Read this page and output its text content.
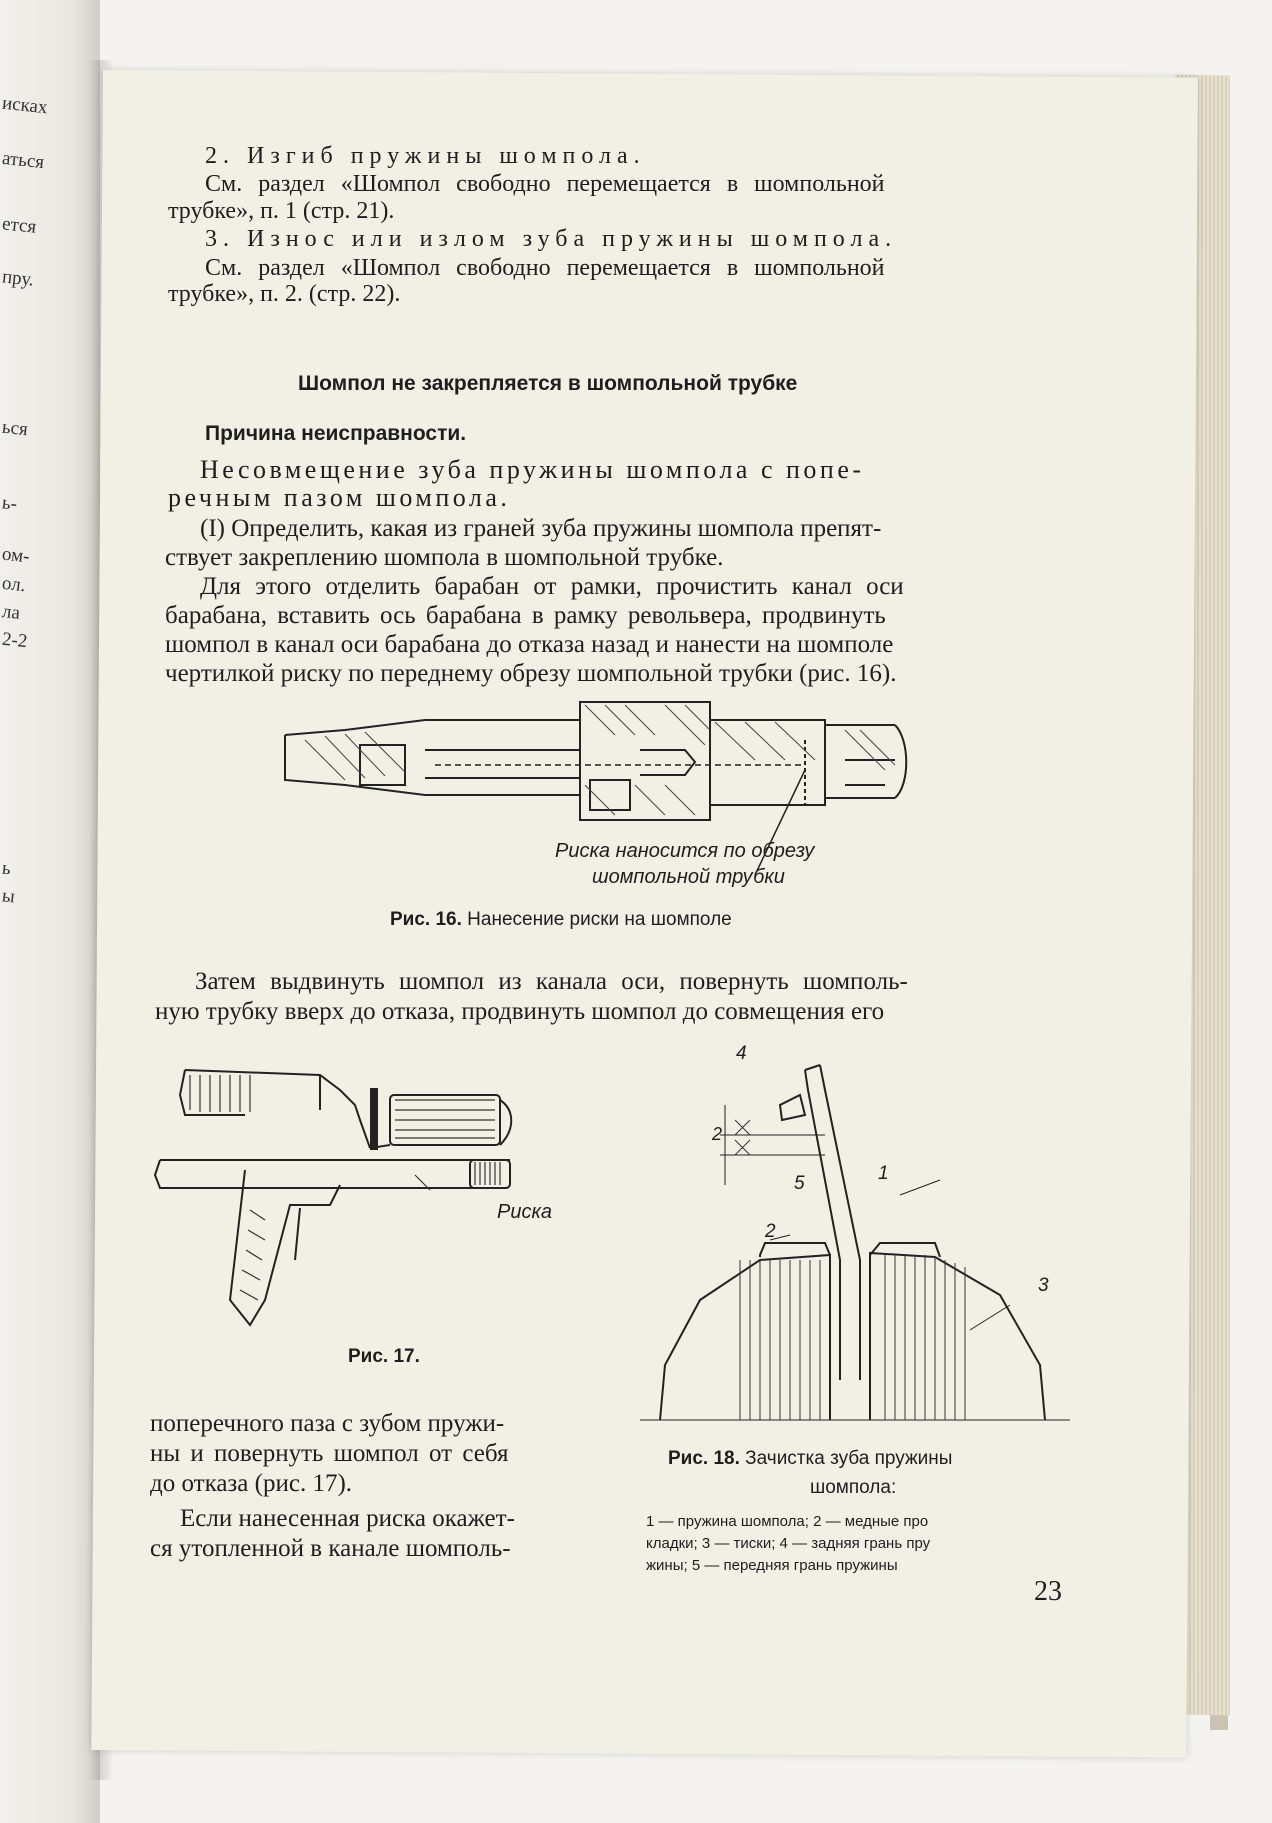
исках
аться
ется
пру.
ься
ь-
ом-
ол.
ла
2-2
ь
ы
2. Изгиб пружины шомпола.
См. раздел «Шомпол свободно перемещается в шомпольной
трубке», п. 1 (стр. 21).
3. Износ или излом зуба пружины шомпола.
См. раздел «Шомпол свободно перемещается в шомпольной
трубке», п. 2. (стр. 22).
Шомпол не закрепляется в шомпольной трубке
Причина неисправности.
Несовмещение зуба пружины шомпола с попе-
речным пазом шомпола.
(I) Определить, какая из граней зуба пружины шомпола препят-
ствует закреплению шомпола в шомпольной трубке.
Для этого отделить барабан от рамки, прочистить канал оси
барабана, вставить ось барабана в рамку револьвера, продвинуть
шомпол в канал оси барабана до отказа назад и нанести на шомполе
чертилкой риску по переднему обрезу шомпольной трубки (рис. 16).
Риска наносится по обрезу
шомпольной трубки
Рис. 16. Нанесение риски на шомполе
Затем выдвинуть шомпол из канала оси, повернуть шомполь-
ную трубку вверх до отказа, продвинуть шомпол до совмещения его
Риска
Рис. 17.
поперечного паза с зубом пружи-
ны и повернуть шомпол от себя
до отказа (рис. 17).
Если нанесенная риска окажет-
ся утопленной в канале шомполь-
4
2
5	1
2
3
Рис. 18. Зачистка зуба пружины
шомпола:
1 — пружина шомпола; 2 — медные про
кладки; 3 — тиски; 4 — задняя грань пру
жины; 5 — передняя грань пружины
23
